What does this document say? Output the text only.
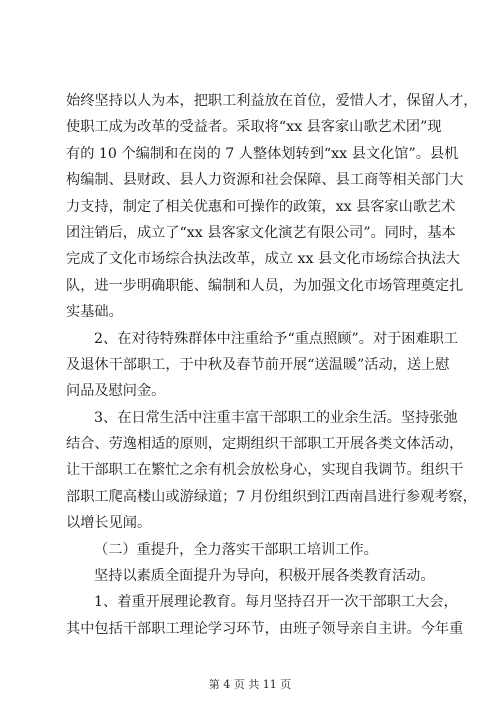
始终坚持以人为本，把职工利益放在首位，爱惜人才，保留人才，
使职工成为改革的受益者。采取将“xx 县客家山歌艺术团”现
有的 10 个编制和在岗的 7 人整体划转到“xx 县文化馆”。县机
构编制、县财政、县人力资源和社会保障、县工商等相关部门大
力支持，制定了相关优惠和可操作的政策，xx 县客家山歌艺术
团注销后，成立了“xx 县客家文化演艺有限公司”。同时，基本
完成了文化市场综合执法改革，成立 xx 县文化市场综合执法大
队，进一步明确职能、编制和人员，为加强文化市场管理奠定扎
实基础。
2、在对待特殊群体中注重给予“重点照顾”。对于困难职工
及退休干部职工，于中秋及春节前开展“送温暖”活动，送上慰
问品及慰问金。
3、在日常生活中注重丰富干部职工的业余生活。坚持张弛
结合、劳逸相适的原则，定期组织干部职工开展各类文体活动，
让干部职工在繁忙之余有机会放松身心，实现自我调节。组织干
部职工爬高楼山或游绿道；7 月份组织到江西南昌进行参观考察，
以增长见闻。
（二）重提升，全力落实干部职工培训工作。
坚持以素质全面提升为导向，积极开展各类教育活动。
1、着重开展理论教育。每月坚持召开一次干部职工大会，
其中包括干部职工理论学习环节，由班子领导亲自主讲。今年重
第 4 页 共 11 页
